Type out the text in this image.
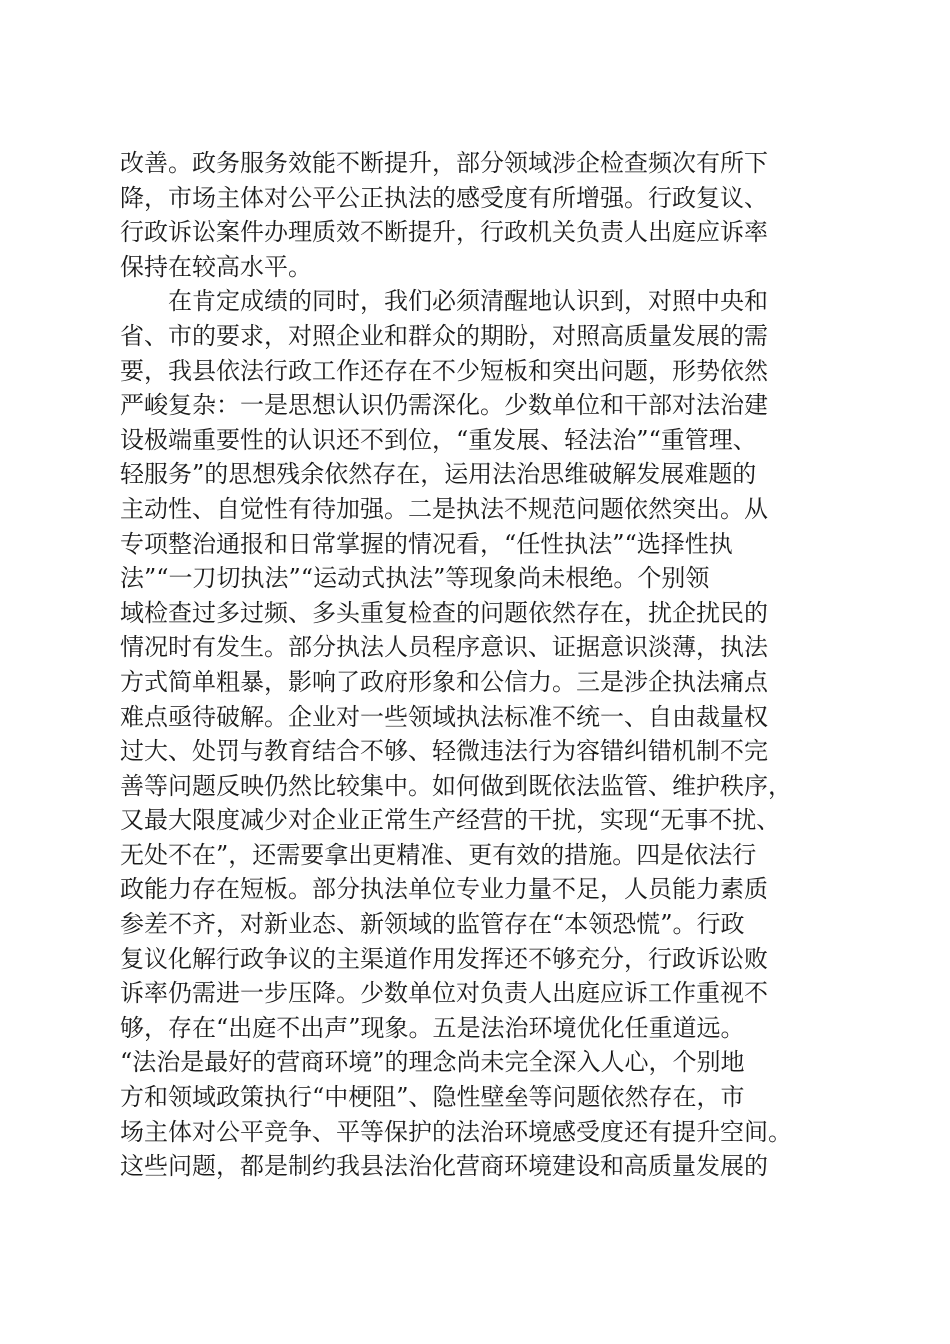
改善。政务服务效能不断提升，部分领域涉企检查频次有所下
降，市场主体对公平公正执法的感受度有所增强。行政复议、
行政诉讼案件办理质效不断提升，行政机关负责人出庭应诉率
保持在较高水平。
在肯定成绩的同时，我们必须清醒地认识到，对照中央和
省、市的要求，对照企业和群众的期盼，对照高质量发展的需
要，我县依法行政工作还存在不少短板和突出问题，形势依然
严峻复杂：一是思想认识仍需深化。少数单位和干部对法治建
设极端重要性的认识还不到位，“重发展、轻法治”“重管理、
轻服务”的思想残余依然存在，运用法治思维破解发展难题的
主动性、自觉性有待加强。二是执法不规范问题依然突出。从
专项整治通报和日常掌握的情况看，“任性执法”“选择性执
法”“一刀切执法”“运动式执法”等现象尚未根绝。个别领
域检查过多过频、多头重复检查的问题依然存在，扰企扰民的
情况时有发生。部分执法人员程序意识、证据意识淡薄，执法
方式简单粗暴，影响了政府形象和公信力。三是涉企执法痛点
难点亟待破解。企业对一些领域执法标准不统一、自由裁量权
过大、处罚与教育结合不够、轻微违法行为容错纠错机制不完
善等问题反映仍然比较集中。如何做到既依法监管、维护秩序，
又最大限度减少对企业正常生产经营的干扰，实现“无事不扰、
无处不在”，还需要拿出更精准、更有效的措施。四是依法行
政能力存在短板。部分执法单位专业力量不足，人员能力素质
参差不齐，对新业态、新领域的监管存在“本领恐慌”。行政
复议化解行政争议的主渠道作用发挥还不够充分，行政诉讼败
诉率仍需进一步压降。少数单位对负责人出庭应诉工作重视不
够，存在“出庭不出声”现象。五是法治环境优化任重道远。
“法治是最好的营商环境”的理念尚未完全深入人心，个别地
方和领域政策执行“中梗阻”、隐性壁垒等问题依然存在，市
场主体对公平竞争、平等保护的法治环境感受度还有提升空间。
这些问题，都是制约我县法治化营商环境建设和高质量发展的
